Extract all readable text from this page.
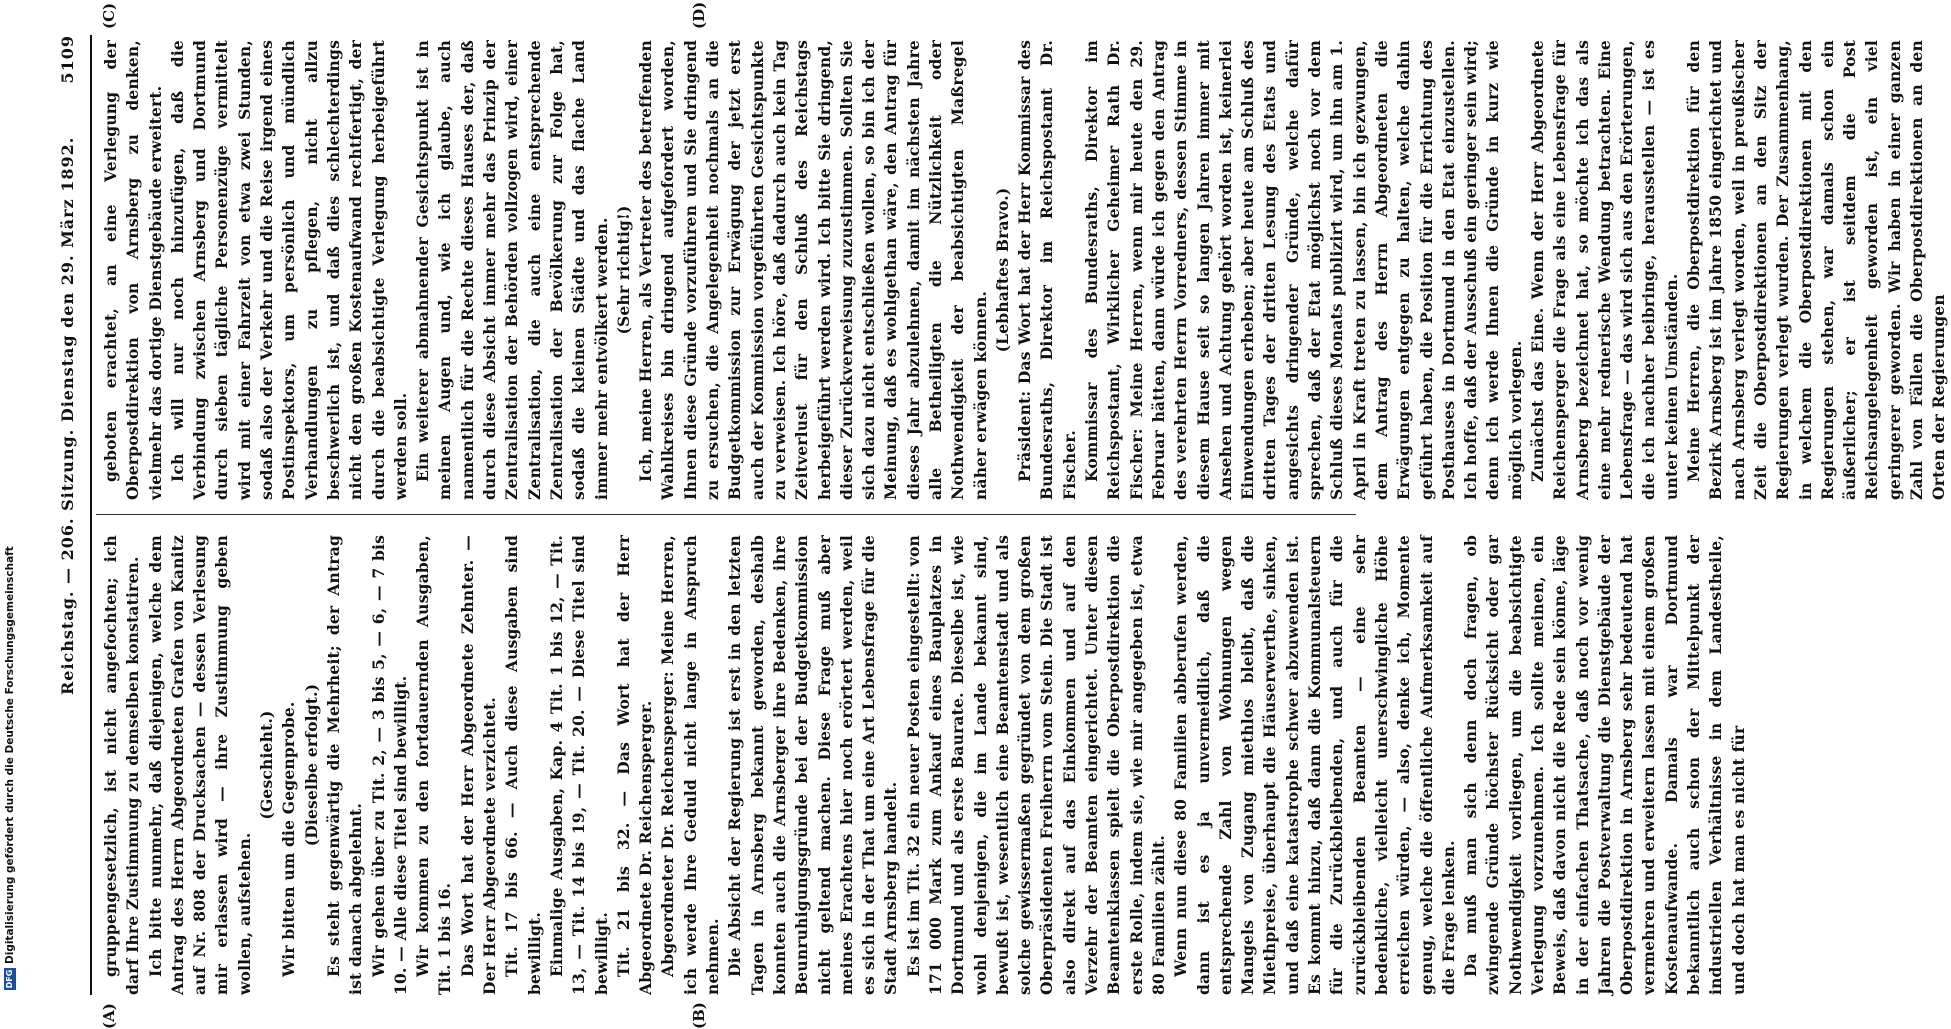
Reichstag. — 206. Sitzung. Dienstag den 29. März 1892.
5109
(A)	(B)
(C)	(D)

gruppengesetzlich, ist nicht angefochten; ich darf Ihre Zustimmung zu demselben konstatiren. Ich bitte nunmehr, daß diejenigen, welche dem Antrag des Herrn Abgeordneten Grafen von Kanitz auf Nr. 808 der Drucksachen — dessen Verlesung mir erlassen wird — ihre Zustimmung geben wollen, aufstehen.

(Geschieht.) Wir bitten um die Gegenprobe. (Dieselbe erfolgt.) Es steht gegenwärtig die Mehrheit; der Antrag ist danach abgelehnt. Wir gehen über zu Tit. 2, — 3 bis 5, — 6, — 7 bis 10. — Alle diese Titel sind bewilligt. Wir kommen zu den fortdauernden Ausgaben, Tit. 1 bis 16. Das Wort hat der Herr Abgeordnete Zehnter. — Der Herr Abgeordnete verzichtet. Tit. 17 bis 66. — Auch diese Ausgaben sind bewilligt. Einmalige Ausgaben, Kap. 4 Tit. 1 bis 12, — Tit. 13, — Tit. 14 bis 19, — Tit. 20. — Diese Titel sind bewilligt. Tit. 21 bis 32. — Das Wort hat der Herr Abgeordnete Dr. Reichensperger. Abgeordneter Dr. Reichensperger: Meine Herren, ich werde Ihre Geduld nicht lange in Anspruch nehmen. Die Absicht der Regierung ist erst in den letzten Tagen in Arnsberg bekannt geworden, deshalb konnten auch die Arnsberger ihre Bedenken, ihre Beunruhigungsgründe bei der Budgetkommission nicht geltend machen. Diese Frage muß aber meines Erachtens hier noch erörtert werden, weil es sich in der That um eine Art Lebensfrage für die Stadt Arnsberg handelt. Es ist im Tit. 32 ein neuer Posten eingestellt: von 171 000 Mark zum Ankauf eines Bauplatzes in Dortmund und als erste Baurate. Dieselbe ist, wie wohl denjenigen, die im Lande bekannt sind, bewußt ist, wesentlich eine Beamtenstadt und als solche gewissermaßen gegründet von dem großen Oberpräsidenten Freiherrn vom Stein. Die Stadt ist also direkt auf das Einkommen und auf den Verzehr der Beamten eingerichtet. Unter diesen Beamtenklassen spielt die Oberpostdirektion die erste Rolle, indem sie, wie mir angegeben ist, etwa 80 Familien zählt. Wenn nun diese 80 Familien abberufen werden, dann ist es ja unvermeidlich, daß die entsprechende Zahl von Wohnungen wegen Mangels von Zugang miethlos bleibt, daß die Miethpreise, überhaupt die Häuserwerthe, sinken, und daß eine katastrophe schwer abzuwenden ist. Es kommt hinzu, daß dann die Kommunalsteuern für die Zurückbleibenden, und auch für die zurückbleibenden Beamten — eine sehr bedenkliche, vielleicht unerschwingliche Höhe erreichen würden, — also, denke ich, Momente genug, welche die öffentliche Aufmerksamkeit auf die Frage lenken. Da muß man sich denn doch fragen, ob zwingende Gründe höchster Rücksicht oder gar Nothwendigkeit vorliegen, um die beabsichtigte Verlegung vorzunehmen. Ich sollte meinen, ein Beweis, daß davon nicht die Rede sein könne, läge in der einfachen Thatsache, daß noch vor wenig Jahren die Postverwaltung die Dienstgebäude der Oberpostdirektion in Arnsberg sehr bedeutend hat vermehren und erweitern lassen mit einem großen Kostenaufwande. Damals war Dortmund bekanntlich auch schon der Mittelpunkt der industriellen Verhältnisse in dem Landestheile, und doch hat man es nicht für

geboten erachtet, an eine Verlegung der Oberpostdirektion von Arnsberg zu denken, vielmehr das dortige Dienstgebäude erweitert. Ich will nur noch hinzufügen, daß die Verbindung zwischen Arnsberg und Dortmund durch sieben tägliche Personenzüge vermittelt wird mit einer Fahrzeit von etwa zwei Stunden, sodaß also der Verkehr und die Reise irgend eines Postinspektors, um persönlich und mündlich Verhandlungen zu pflegen, nicht allzu beschwerlich ist, und daß dies schlechterdings nicht den großen Kostenaufwand rechtfertigt, der durch die beabsichtigte Verlegung herbeigeführt werden soll. Ein weiterer abmahnender Gesichtspunkt ist in meinen Augen und, wie ich glaube, auch namentlich für die Rechte dieses Hauses der, daß durch diese Absicht immer mehr das Prinzip der Zentralisation der Behörden vollzogen wird, einer Zentralisation, die auch eine entsprechende Zentralisation der Bevölkerung zur Folge hat, sodaß die kleinen Städte und das flache Land immer mehr entvölkert werden. (Sehr richtig!) Ich, meine Herren, als Vertreter des betreffenden Wahlkreises bin dringend aufgefordert worden, Ihnen diese Gründe vorzuführen und Sie dringend zu ersuchen, die Angelegenheit nochmals an die Budgetkommission zur Erwägung der jetzt erst auch der Kommission vorgeführten Gesichtspunkte zu verweisen. Ich höre, daß dadurch auch kein Tag Zeitverlust für den Schluß des Reichstags herbeigeführt werden wird. Ich bitte Sie dringend, dieser Zurückverweisung zuzustimmen. Sollten Sie sich dazu nicht entschließen wollen, so bin ich der Meinung, daß es wohlgethan wäre, den Antrag für dieses Jahr abzulehnen, damit im nächsten Jahre alle Betheiligten die Nützlichkeit oder Nothwendigkeit der beabsichtigten Maßregel näher erwägen können.

(Lebhaftes Bravo.) Präsident: Das Wort hat der Herr Kommissar des Bundesraths, Direktor im Reichspostamt Dr. Fischer. Kommissar des Bundesraths, Direktor im Reichspostamt, Wirklicher Geheimer Rath Dr. Fischer: Meine Herren, wenn mir heute den 29. Februar hätten, dann würde ich gegen den Antrag des verehrten Herrn Vorredners, dessen Stimme in diesem Hause seit so langen Jahren immer mit Ansehen und Achtung gehört worden ist, keinerlei Einwendungen erheben; aber heute am Schluß des dritten Tages der dritten Lesung des Etats und angesichts dringender Gründe, welche dafür sprechen, daß der Etat möglichst noch vor dem Schluß dieses Monats publizirt wird, um ihn am 1. April in Kraft treten zu lassen, bin ich gezwungen, dem Antrag des Herrn Abgeordneten die Erwägungen entgegen zu halten, welche dahin geführt haben, die Position für die Errichtung des Posthauses in Dortmund in den Etat einzustellen. Ich hoffe, daß der Ausschuß ein geringer sein wird; denn ich werde Ihnen die Gründe in kurz wie möglich vorlegen. Zunächst das Eine. Wenn der Herr Abgeordnete Reichensperger die Frage als eine Lebensfrage für Arnsberg bezeichnet hat, so möchte ich das als eine mehr rednerische Wendung betrachten. Eine Lebensfrage — das wird sich aus den Erörterungen, die ich nachher beibringe, herausstellen — ist es unter keinen Umständen. Meine Herren, die Oberpostdirektion für den Bezirk Arnsberg ist im Jahre 1850 eingerichtet und nach Arnsberg verlegt worden, weil in preußischer Zeit die Oberpostdirektionen an den Sitz der Regierungen verlegt wurden. Der Zusammenhang, in welchem die Oberpostdirektionen mit den Regierungen stehen, war damals schon ein äußerlicher; er ist seitdem die Post Reichsangelegenheit geworden ist, ein viel geringerer geworden. Wir haben in einer ganzen Zahl von Fällen die Oberpostdirektionen an den Orten der Regierungen

DFGDigitalisierung gefördert durch die Deutsche Forschungsgemeinschaft
